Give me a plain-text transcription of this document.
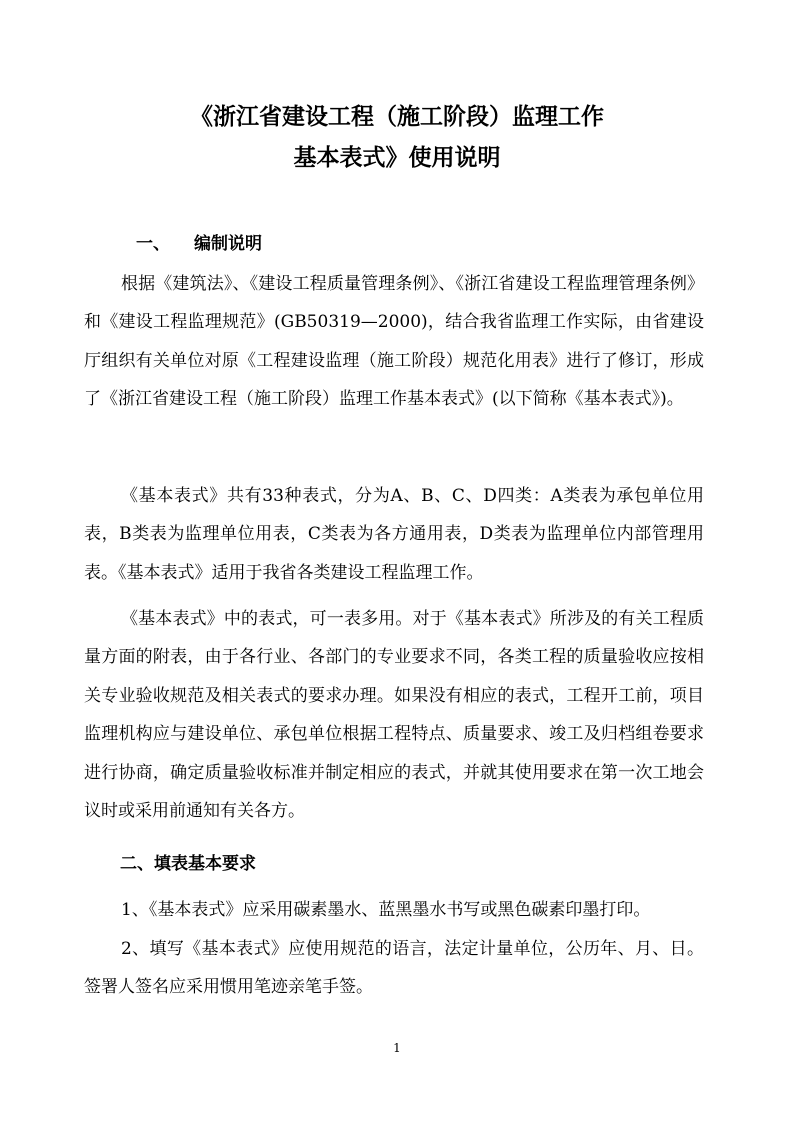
《浙江省建设工程（施工阶段）监理工作
基本表式》使用说明
一、 编制说明

根据《建筑法》、《建设工程质量管理条例》、《浙江省建设工程监理管理条例》和《建设工程监理规范》(GB50319—2000)，结合我省监理工作实际，由省建设厅组织有关单位对原《工程建设监理（施工阶段）规范化用表》进行了修订，形成了《浙江省建设工程（施工阶段）监理工作基本表式》(以下简称《基本表式》)。

《基本表式》共有33种表式，分为A、B、C、D四类：A类表为承包单位用表，B类表为监理单位用表，C类表为各方通用表，D类表为监理单位内部管理用表。《基本表式》适用于我省各类建设工程监理工作。

《基本表式》中的表式，可一表多用。对于《基本表式》所涉及的有关工程质量方面的附表，由于各行业、各部门的专业要求不同，各类工程的质量验收应按相关专业验收规范及相关表式的要求办理。如果没有相应的表式，工程开工前，项目监理机构应与建设单位、承包单位根据工程特点、质量要求、竣工及归档组卷要求进行协商，确定质量验收标准并制定相应的表式，并就其使用要求在第一次工地会议时或采用前通知有关各方。

二、填表基本要求

1、《基本表式》应采用碳素墨水、蓝黑墨水书写或黑色碳素印墨打印。

2、填写《基本表式》应使用规范的语言，法定计量单位，公历年、月、日。签署人签名应采用惯用笔迹亲笔手签。

1
